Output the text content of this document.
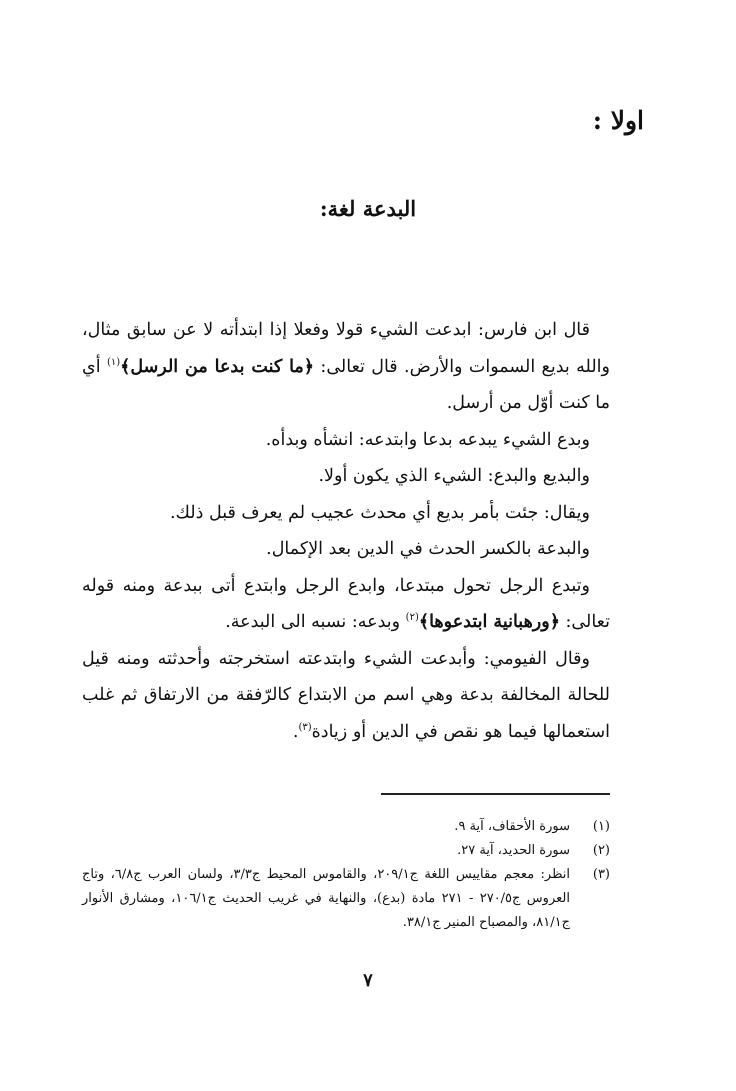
اولا :
البدعة لغة:

قال ابن فارس: ابدعت الشيء قولا وفعلا إذا ابتدأته لا عن سابق مثال، والله بديع السموات والأرض. قال تعالى: ﴿ما كنت بدعا من الرسل﴾$^{(١)}$ أي ما كنت أوّل من أرسل.

وبدع الشيء يبدعه بدعا وابتدعه: انشأه وبدأه.

والبديع والبدع: الشيء الذي يكون أولا.

ويقال: جئت بأمر بديع أي محدث عجيب لم يعرف قبل ذلك.

والبدعة بالكسر الحدث في الدين بعد الإكمال.

وتبدع الرجل تحول مبتدعا، وابدع الرجل وابتدع أتى ببدعة ومنه قوله تعالى: ﴿ورهبانية ابتدعوها﴾$^{(٢)}$ وبدعه: نسبه الى البدعة.

وقال الفيومي: وأبدعت الشيء وابتدعته استخرجته وأحدثته ومنه قيل للحالة المخالفة بدعة وهي اسم من الابتداع كالرّفقة من الارتفاق ثم غلب استعمالها فيما هو نقص في الدين أو زيادة$^{(٣)}$.

(١)
سورة الأحقاف، آية ٩.
(٢)
سورة الحديد، آية ٢٧.
(٣)
انظر: معجم مقاييس اللغة ج٢٠٩/١، والقاموس المحيط ج٣/٣، ولسان العرب ج٦/٨، وتاج العروس ج٢٧٠/٥ - ٢٧١ مادة (بدع)، والنهاية في غريب الحديث ج١٠٦/١، ومشارق الأنوار ج٨١/١، والمصباح المنير ج٣٨/١.
٧
